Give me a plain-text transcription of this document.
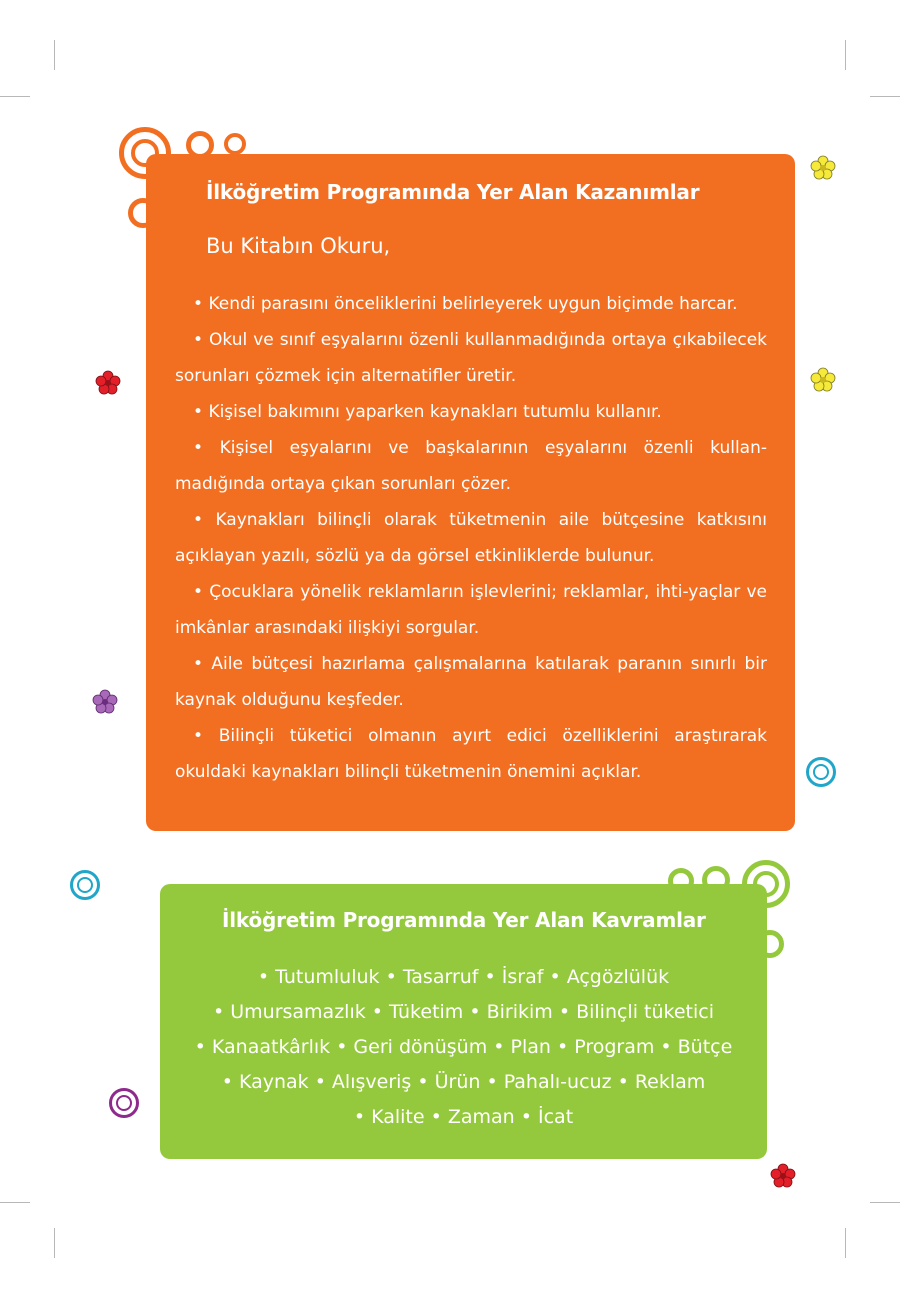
İlköğretim Programında Yer Alan Kazanımlar
Bu Kitabın Okuru,
• Kendi parasını önceliklerini belirleyerek uygun biçimde harcar.
• Okul ve sınıf eşyalarını özenli kullanmadığında ortaya çıkabilecek sorunları çözmek için alternatifler üretir.
• Kişisel bakımını yaparken kaynakları tutumlu kullanır.
• Kişisel eşyalarını ve başkalarının eşyalarını özenli kullan-madığında ortaya çıkan sorunları çözer.
• Kaynakları bilinçli olarak tüketmenin aile bütçesine katkısını açıklayan yazılı, sözlü ya da görsel etkinliklerde bulunur.
• Çocuklara yönelik reklamların işlevlerini; reklamlar, ihti-yaçlar ve imkânlar arasındaki ilişkiyi sorgular.
• Aile bütçesi hazırlama çalışmalarına katılarak paranın sınırlı bir kaynak olduğunu keşfeder.
• Bilinçli tüketici olmanın ayırt edici özelliklerini araştırarak okuldaki kaynakları bilinçli tüketmenin önemini açıklar.
İlköğretim Programında Yer Alan Kavramlar
• Tutumluluk • Tasarruf • İsraf • Açgözlülük
• Umursamazlık • Tüketim • Birikim • Bilinçli tüketici
• Kanaatkârlık • Geri dönüşüm • Plan • Program • Bütçe
• Kaynak • Alışveriş • Ürün • Pahalı-ucuz • Reklam
• Kalite • Zaman • İcat
